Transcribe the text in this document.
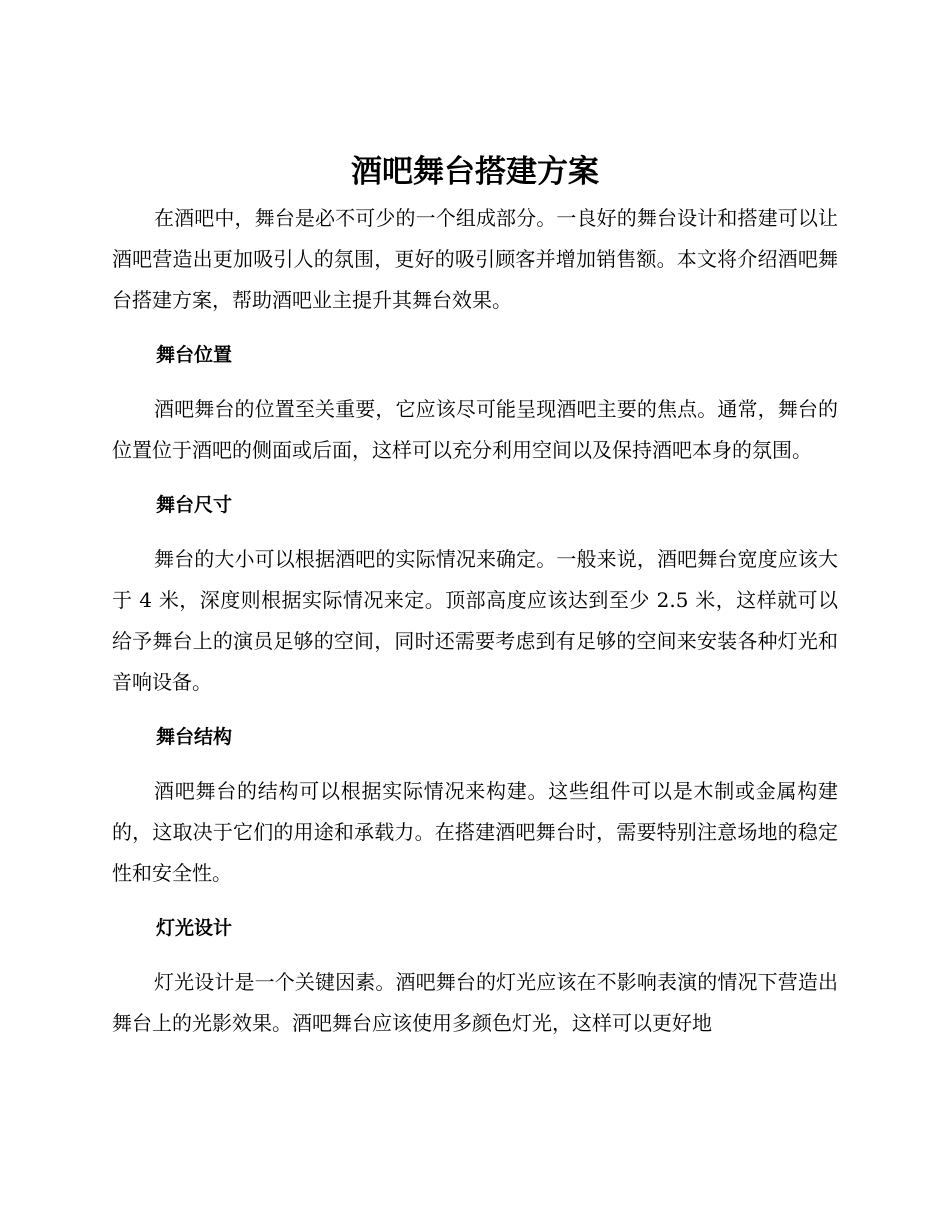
酒吧舞台搭建方案

在酒吧中，舞台是必不可少的一个组成部分。一良好的舞台设计和搭建可以让酒吧营造出更加吸引人的氛围，更好的吸引顾客并增加销售额。本文将介绍酒吧舞台搭建方案，帮助酒吧业主提升其舞台效果。

舞台位置

酒吧舞台的位置至关重要，它应该尽可能呈现酒吧主要的焦点。通常，舞台的位置位于酒吧的侧面或后面，这样可以充分利用空间以及保持酒吧本身的氛围。

舞台尺寸

舞台的大小可以根据酒吧的实际情况来确定。一般来说，酒吧舞台宽度应该大于 4 米，深度则根据实际情况来定。顶部高度应该达到至少 2.5 米，这样就可以给予舞台上的演员足够的空间，同时还需要考虑到有足够的空间来安装各种灯光和音响设备。

舞台结构

酒吧舞台的结构可以根据实际情况来构建。这些组件可以是木制或金属构建的，这取决于它们的用途和承载力。在搭建酒吧舞台时，需要特别注意场地的稳定性和安全性。

灯光设计

灯光设计是一个关键因素。酒吧舞台的灯光应该在不影响表演的情况下营造出舞台上的光影效果。酒吧舞台应该使用多颜色灯光，这样可以更好地
